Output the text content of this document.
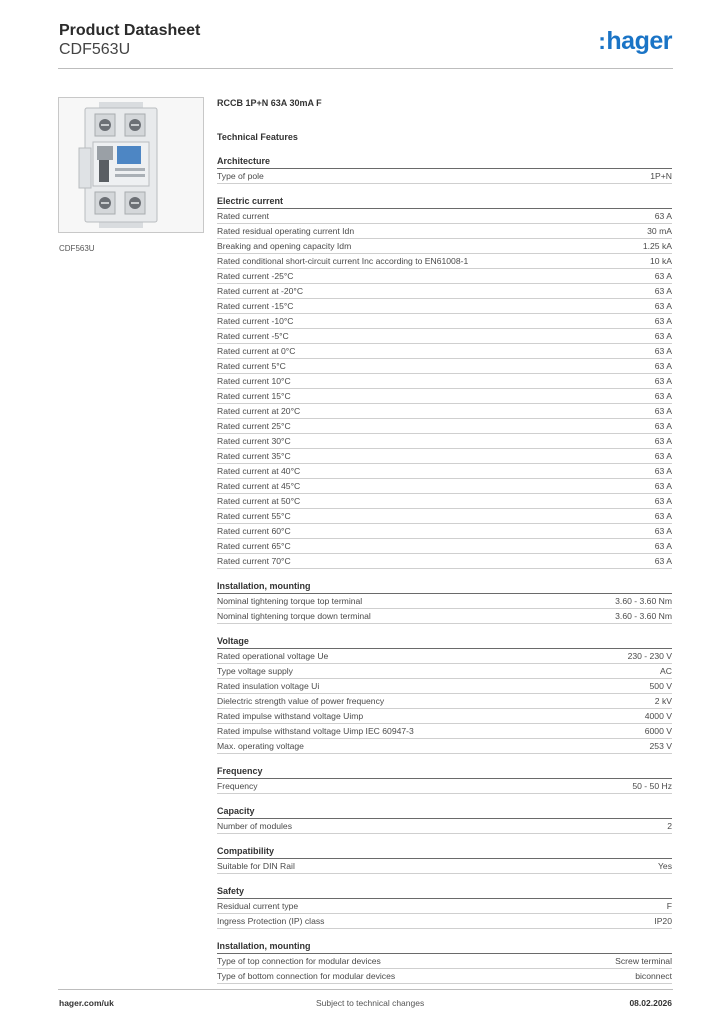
Product Datasheet
CDF563U	:hager
CDF563U
RCCB 1P+N 63A 30mA F
Technical Features
Architecture
Type of pole	1P+N
Electric current
Rated current	63 A
Rated residual operating current Idn	30 mA
Breaking and opening capacity Idm	1.25 kA
Rated conditional short-circuit current Inc according to EN61008-1	10 kA
Rated current -25°C	63 A
Rated current at -20°C	63 A
Rated current -15°C	63 A
Rated current -10°C	63 A
Rated current -5°C	63 A
Rated current at 0°C	63 A
Rated current 5°C	63 A
Rated current 10°C	63 A
Rated current 15°C	63 A
Rated current at 20°C	63 A
Rated current 25°C	63 A
Rated current 30°C	63 A
Rated current 35°C	63 A
Rated current at 40°C	63 A
Rated current at 45°C	63 A
Rated current at 50°C	63 A
Rated current 55°C	63 A
Rated current 60°C	63 A
Rated current 65°C	63 A
Rated current 70°C	63 A
Installation, mounting
Nominal tightening torque top terminal	3.60 - 3.60 Nm
Nominal tightening torque down terminal	3.60 - 3.60 Nm
Voltage
Rated operational voltage Ue	230 - 230 V
Type voltage supply	AC
Rated insulation voltage Ui	500 V
Dielectric strength value of power frequency	2 kV
Rated impulse withstand voltage Uimp	4000 V
Rated impulse withstand voltage Uimp IEC 60947-3	6000 V
Max. operating voltage	253 V
Frequency
Frequency	50 - 50 Hz
Capacity
Number of modules	2
Compatibility
Suitable for DIN Rail	Yes
Safety
Residual current type	F
Ingress Protection (IP) class	IP20
Installation, mounting
Type of top connection for modular devices	Screw terminal
Type of bottom connection for modular devices	biconnect
hager.com/uk	Subject to technical changes	08.02.2026
